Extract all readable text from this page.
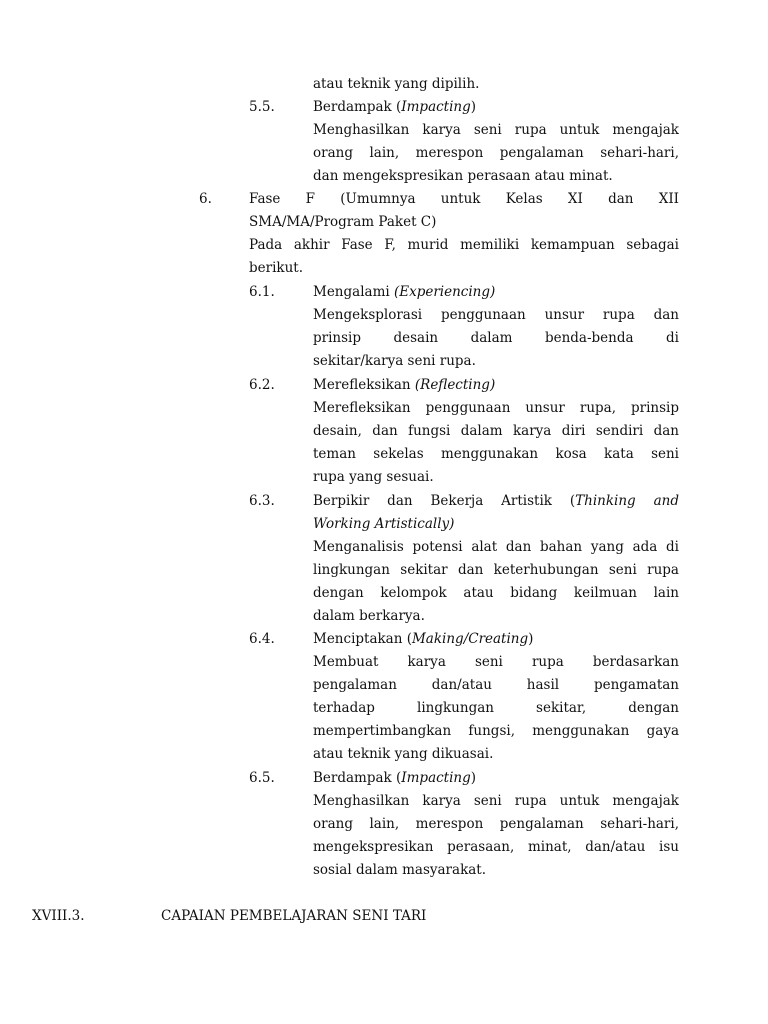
atau teknik yang dipilih.
5.5.	Berdampak (Impacting)
Menghasilkan karya seni rupa untuk mengajak
orang lain, merespon pengalaman sehari-hari,
dan mengekspresikan perasaan atau minat.
6.	Fase F (Umumnya untuk Kelas XI dan XII
SMA/MA/Program Paket C)
Pada akhir Fase F, murid memiliki kemampuan sebagai
berikut.
6.1.	Mengalami (Experiencing)
Mengeksplorasi penggunaan unsur rupa dan
prinsip desain dalam benda-benda di
sekitar/karya seni rupa.
6.2.	Merefleksikan (Reflecting)
Merefleksikan penggunaan unsur rupa, prinsip
desain, dan fungsi dalam karya diri sendiri dan
teman sekelas menggunakan kosa kata seni
rupa yang sesuai.
6.3.	Berpikir dan Bekerja Artistik (Thinking and
Working Artistically)
Menganalisis potensi alat dan bahan yang ada di
lingkungan sekitar dan keterhubungan seni rupa
dengan kelompok atau bidang keilmuan lain
dalam berkarya.
6.4.	Menciptakan (Making/Creating)
Membuat karya seni rupa berdasarkan
pengalaman dan/atau hasil pengamatan
terhadap lingkungan sekitar, dengan
mempertimbangkan fungsi, menggunakan gaya
atau teknik yang dikuasai.
6.5.	Berdampak (Impacting)
Menghasilkan karya seni rupa untuk mengajak
orang lain, merespon pengalaman sehari-hari,
mengekspresikan perasaan, minat, dan/atau isu
sosial dalam masyarakat.
XVIII.3.	CAPAIAN PEMBELAJARAN SENI TARI
